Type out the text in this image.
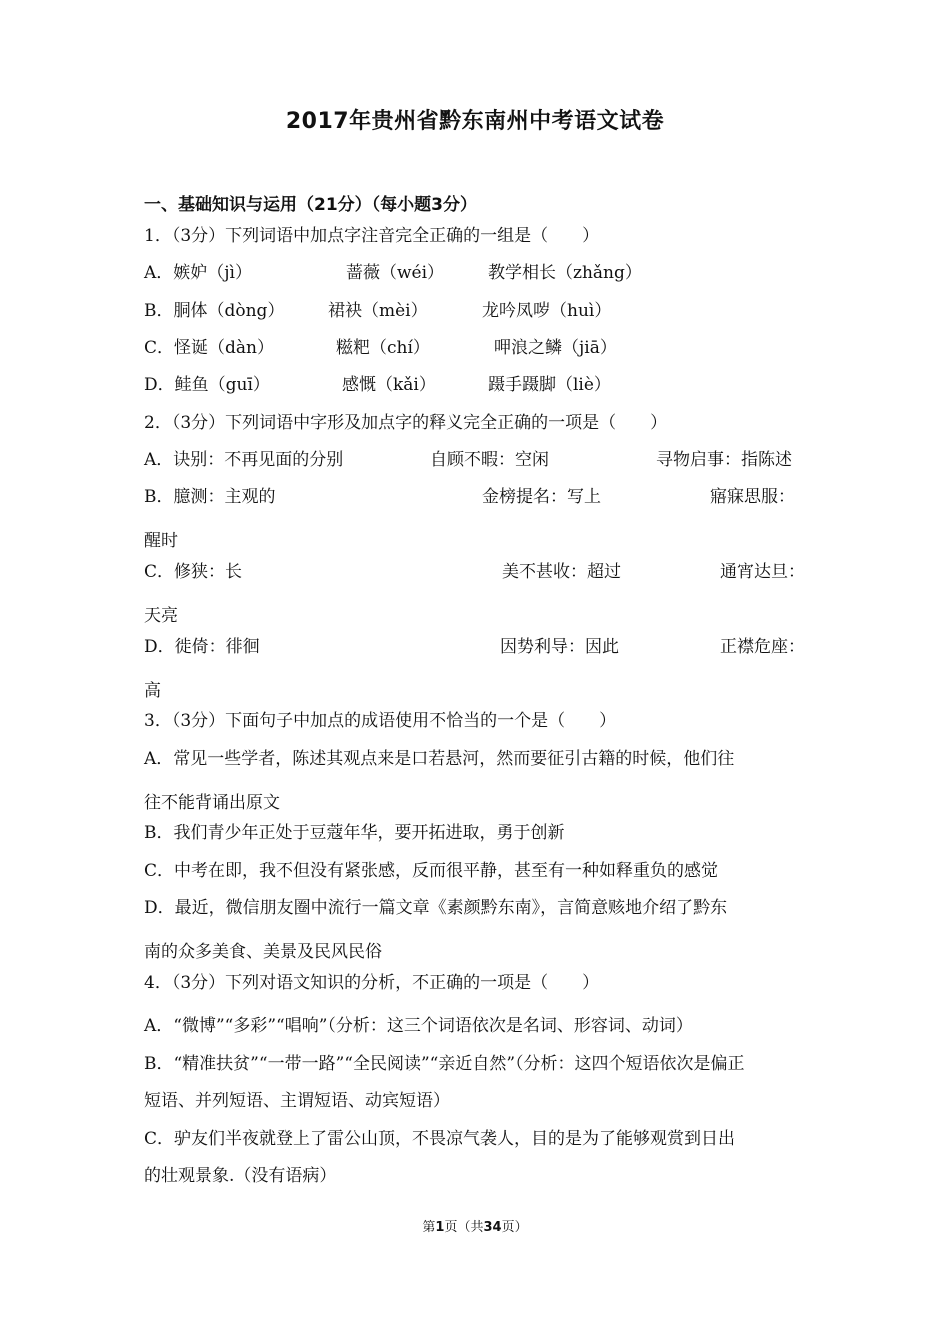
2017年贵州省黔东南州中考语文试卷
一、基础知识与运用（21分）（每小题3分）
1．（3分）下列词语中加点字注音完全正确的一组是（　　）
A．嫉妒（jì）	蔷薇（wéi）	教学相长（zhǎng）
B．胴体（dòng）	裙袂（mèi）	龙吟凤哕（huì）
C．怪诞（dàn）	糍粑（chí）	呷浪之鳞（jiā）
D．鲑鱼（guī）	感慨（kǎi）	蹑手蹑脚（liè）
2．（3分）下列词语中字形及加点字的释义完全正确的一项是（　　）
A．诀别：不再见面的分别	自顾不暇：空闲	寻物启事：指陈述
B．臆测：主观的	金榜提名：写上	寤寐思服：
醒时
C．修狭：长	美不甚收：超过	通宵达旦：
天亮
D．徙倚：徘徊	因势利导：因此	正襟危座：
高
3．（3分）下面句子中加点的成语使用不恰当的一个是（　　）
A．常见一些学者，陈述其观点来是口若悬河，然而要征引古籍的时候，他们往
往不能背诵出原文
B．我们青少年正处于豆蔻年华，要开拓进取，勇于创新
C．中考在即，我不但没有紧张感，反而很平静，甚至有一种如释重负的感觉
D．最近，微信朋友圈中流行一篇文章《素颜黔东南》，言简意赅地介绍了黔东
南的众多美食、美景及民风民俗
4．（3分）下列对语文知识的分析，不正确的一项是（　　）
A．“微博”“多彩”“唱响”（分析：这三个词语依次是名词、形容词、动词）
B．“精准扶贫”“一带一路”“全民阅读”“亲近自然”（分析：这四个短语依次是偏正
短语、并列短语、主谓短语、动宾短语）
C．驴友们半夜就登上了雷公山顶，不畏凉气袭人，目的是为了能够观赏到日出
的壮观景象.（没有语病）
第1页（共34页）
